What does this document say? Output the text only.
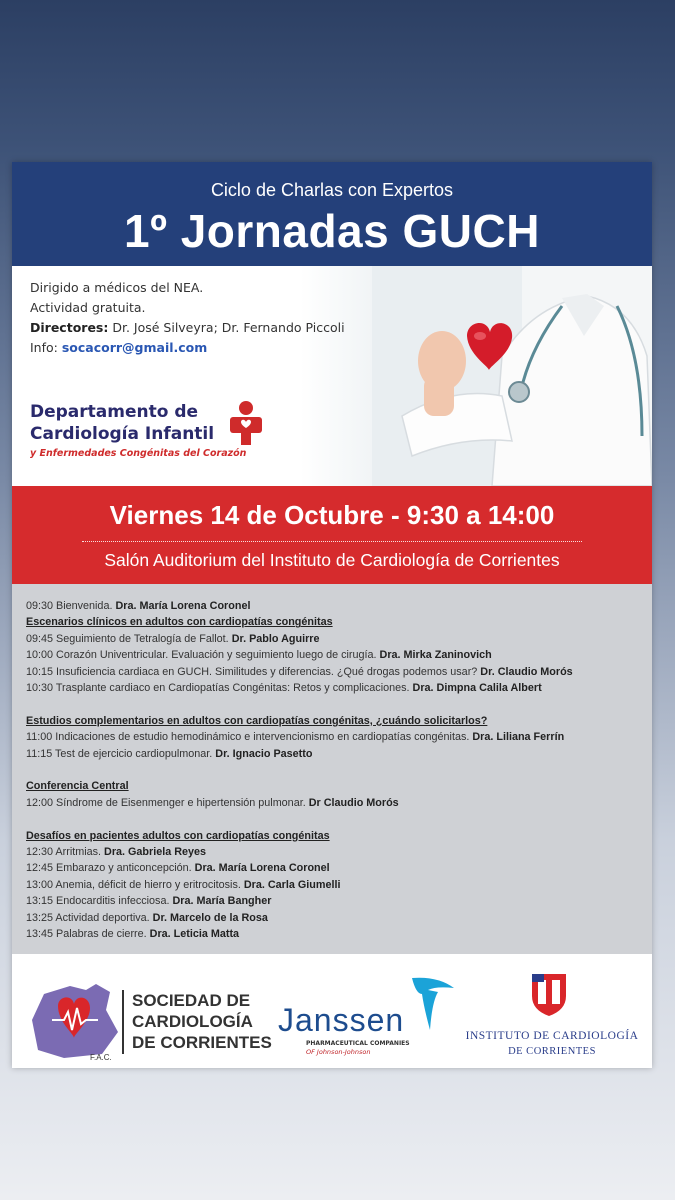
Ciclo de Charlas con Expertos
1º Jornadas GUCH
Dirigido a médicos del NEA.
Actividad gratuita.
Directores: Dr. José Silveyra; Dr. Fernando Piccoli
Info: socacorr@gmail.com
Departamento de
Cardiología Infantil
y Enfermedades Congénitas del Corazón
Viernes 14 de Octubre - 9:30 a 14:00
Salón Auditorium del Instituto de Cardiología de Corrientes
09:30 Bienvenida. Dra. María Lorena Coronel
Escenarios clínicos en adultos con cardiopatías congénitas
09:45 Seguimiento de Tetralogía de Fallot. Dr. Pablo Aguirre
10:00 Corazón Univentricular. Evaluación y seguimiento luego de cirugía. Dra. Mirka Zaninovich
10:15 Insuficiencia cardiaca en GUCH. Similitudes y diferencias. ¿Qué drogas podemos usar? Dr. Claudio Morós
10:30 Trasplante cardiaco en Cardiopatías Congénitas: Retos y complicaciones. Dra. Dimpna Calila Albert
Estudios complementarios en adultos con cardiopatías congénitas, ¿cuándo solicitarlos?
11:00 Indicaciones de estudio hemodinámico e intervencionismo en cardiopatías congénitas. Dra. Liliana Ferrín
11:15 Test de ejercicio cardiopulmonar. Dr. Ignacio Pasetto
Conferencia Central
12:00 Síndrome de Eisenmenger e hipertensión pulmonar. Dr Claudio Morós
Desafíos en pacientes adultos con cardiopatías congénitas
12:30 Arritmias. Dra. Gabriela Reyes
12:45 Embarazo y anticoncepción. Dra. María Lorena Coronel
13:00 Anemia, déficit de hierro y eritrocitosis. Dra. Carla Giumelli
13:15 Endocarditis infecciosa. Dra. María Bangher
13:25 Actividad deportiva. Dr. Marcelo de la Rosa
13:45 Palabras de cierre. Dra. Leticia Matta
F.A.C.
SOCIEDAD DE
CARDIOLOGÍA
DE CORRIENTES
Janssen
PHARMACEUTICAL COMPANIES
OF Johnson-Johnson
INSTITUTO DE CARDIOLOGÍA
DE CORRIENTES
